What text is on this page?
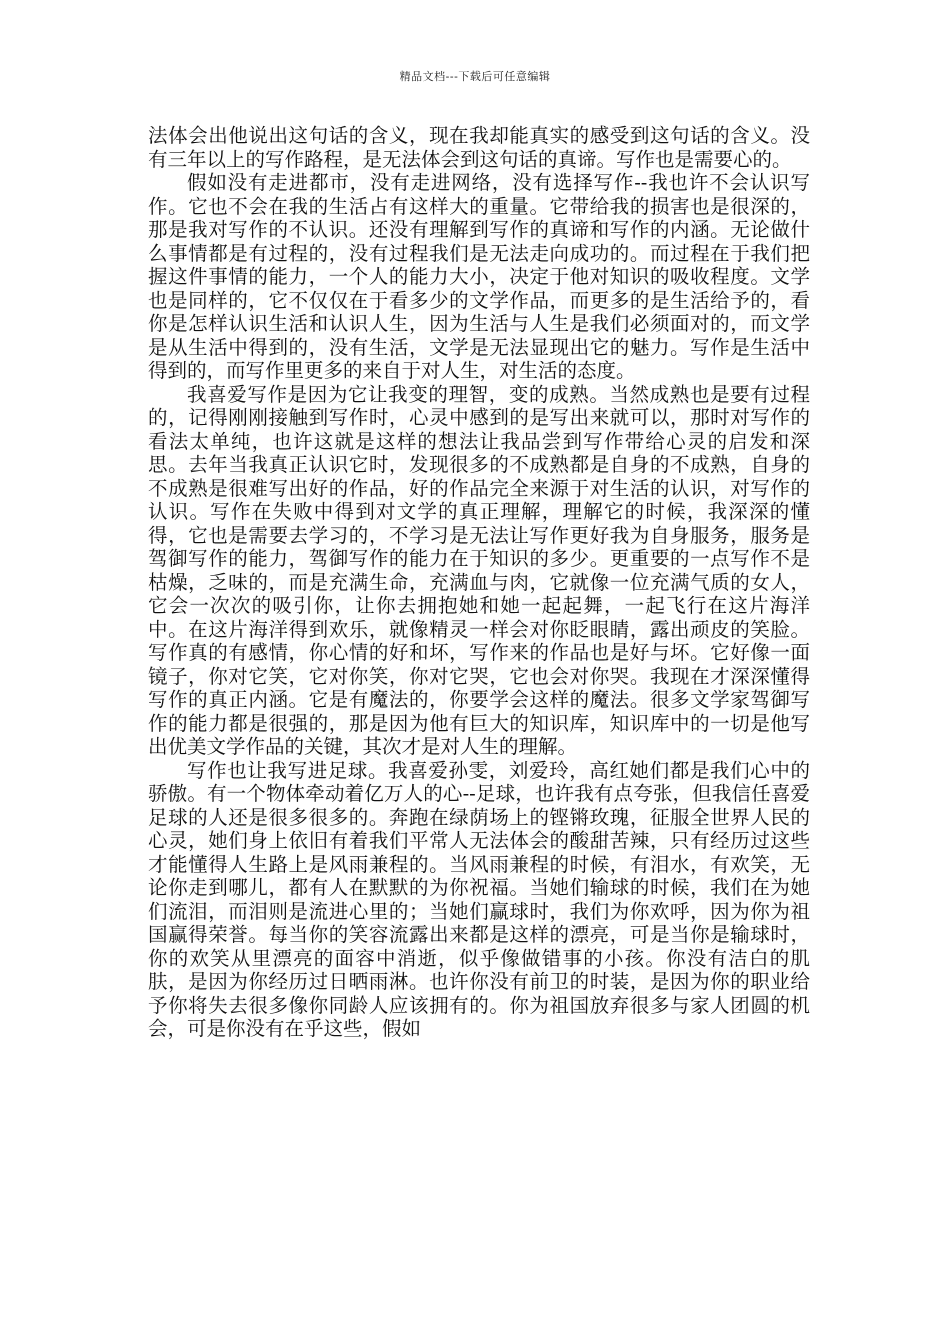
精品文档---下载后可任意编辑

法体会出他说出这句话的含义，现在我却能真实的感受到这句话的含义。没有三年以上的写作路程，是无法体会到这句话的真谛。写作也是需要心的。

假如没有走进都市，没有走进网络，没有选择写作--我也许不会认识写作。它也不会在我的生活占有这样大的重量。它带给我的损害也是很深的，那是我对写作的不认识。还没有理解到写作的真谛和写作的内涵。无论做什么事情都是有过程的，没有过程我们是无法走向成功的。而过程在于我们把握这件事情的能力，一个人的能力大小，决定于他对知识的吸收程度。文学也是同样的，它不仅仅在于看多少的文学作品，而更多的是生活给予的，看你是怎样认识生活和认识人生，因为生活与人生是我们必须面对的，而文学是从生活中得到的，没有生活，文学是无法显现出它的魅力。写作是生活中得到的，而写作里更多的来自于对人生，对生活的态度。

我喜爱写作是因为它让我变的理智，变的成熟。当然成熟也是要有过程的，记得刚刚接触到写作时，心灵中感到的是写出来就可以，那时对写作的看法太单纯，也许这就是这样的想法让我品尝到写作带给心灵的启发和深思。去年当我真正认识它时，发现很多的不成熟都是自身的不成熟，自身的不成熟是很难写出好的作品，好的作品完全来源于对生活的认识，对写作的认识。写作在失败中得到对文学的真正理解，理解它的时候，我深深的懂得，它也是需要去学习的，不学习是无法让写作更好我为自身服务，服务是驾御写作的能力，驾御写作的能力在于知识的多少。更重要的一点写作不是枯燥，乏味的，而是充满生命，充满血与肉，它就像一位充满气质的女人，它会一次次的吸引你，让你去拥抱她和她一起起舞，一起飞行在这片海洋中。在这片海洋得到欢乐，就像精灵一样会对你眨眼睛，露出顽皮的笑脸。写作真的有感情，你心情的好和坏，写作来的作品也是好与坏。它好像一面镜子，你对它笑，它对你笑，你对它哭，它也会对你哭。我现在才深深懂得写作的真正内涵。它是有魔法的，你要学会这样的魔法。很多文学家驾御写作的能力都是很强的，那是因为他有巨大的知识库，知识库中的一切是他写出优美文学作品的关键，其次才是对人生的理解。

写作也让我写进足球。我喜爱孙雯，刘爱玲，高红她们都是我们心中的骄傲。有一个物体牵动着亿万人的心--足球，也许我有点夸张，但我信任喜爱足球的人还是很多很多的。奔跑在绿荫场上的铿锵玫瑰，征服全世界人民的心灵，她们身上依旧有着我们平常人无法体会的酸甜苦辣，只有经历过这些才能懂得人生路上是风雨兼程的。当风雨兼程的时候，有泪水，有欢笑，无论你走到哪儿，都有人在默默的为你祝福。当她们输球的时候，我们在为她们流泪，而泪则是流进心里的；当她们赢球时，我们为你欢呼，因为你为祖国赢得荣誉。每当你的笑容流露出来都是这样的漂亮，可是当你是输球时，你的欢笑从里漂亮的面容中消逝，似乎像做错事的小孩。你没有洁白的肌肤，是因为你经历过日晒雨淋。也许你没有前卫的时装，是因为你的职业给予你将失去很多像你同龄人应该拥有的。你为祖国放弃很多与家人团圆的机会，可是你没有在乎这些，假如
